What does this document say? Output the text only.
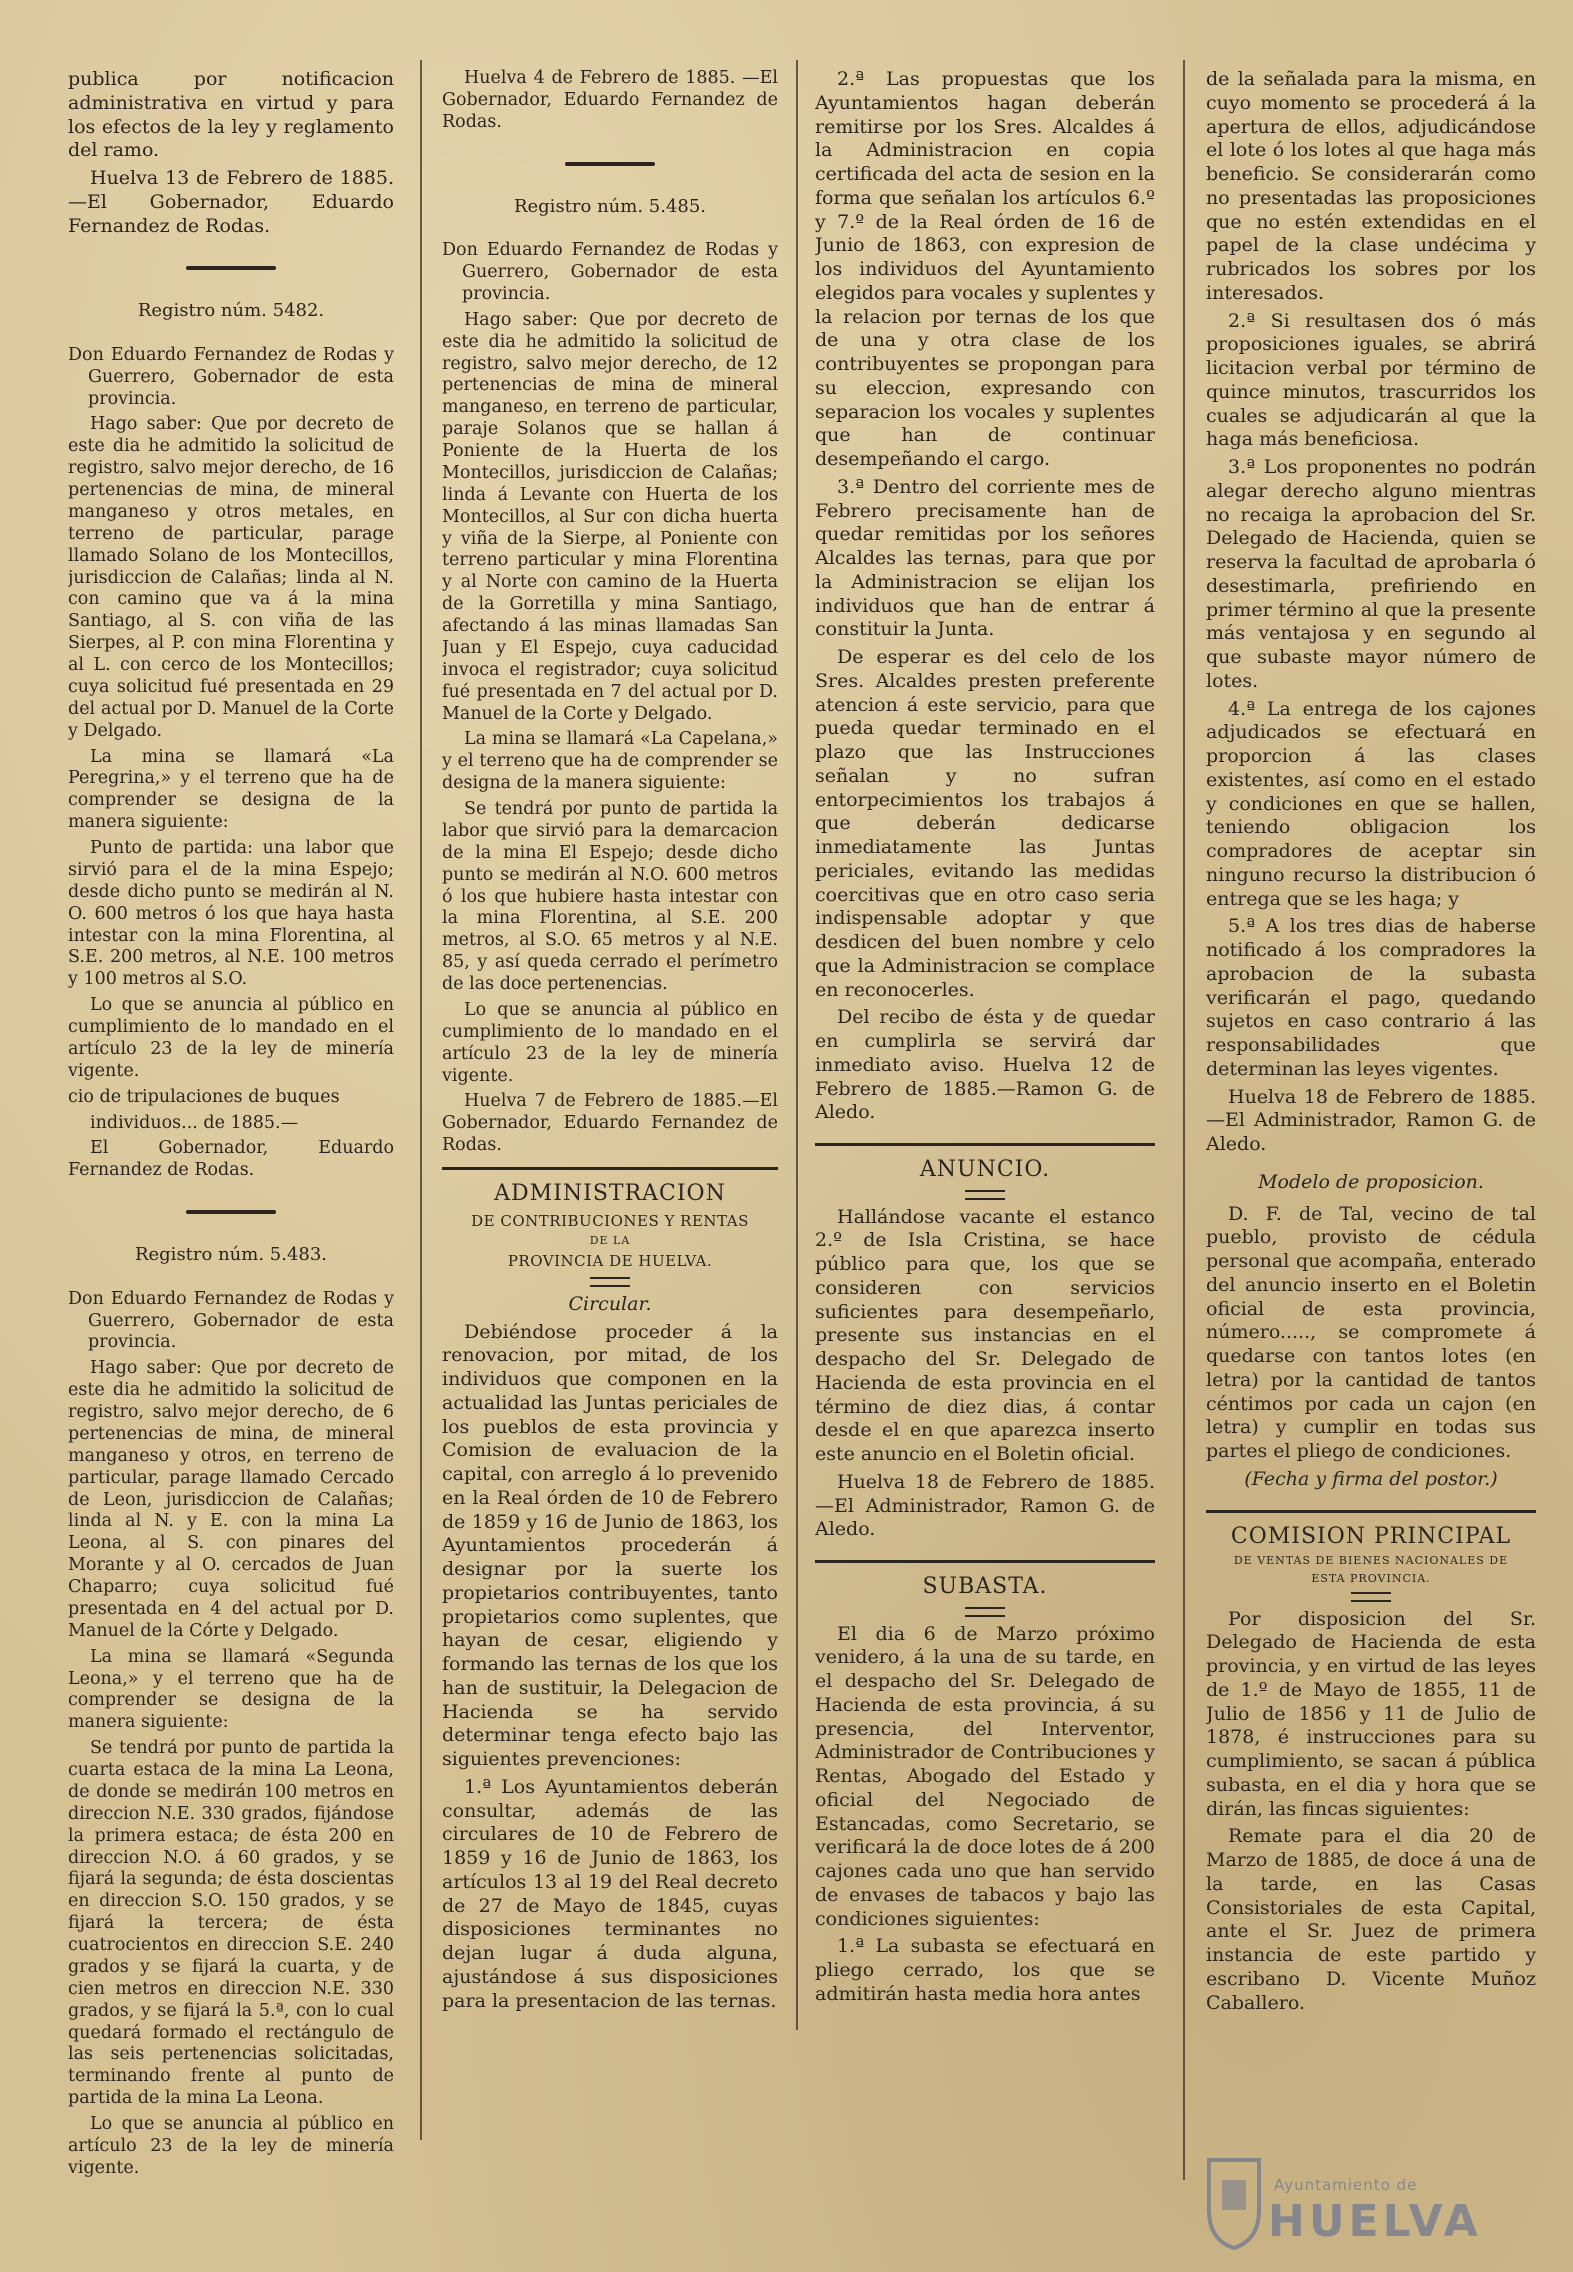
publica por notificacion administrativa en virtud y para los efectos de la ley y reglamento del ramo.

Huelva 13 de Febrero de 1885. —El Gobernador, Eduardo Fernandez de Rodas.

Registro núm. 5482.

Don Eduardo Fernandez de Rodas y Guerrero, Gobernador de esta provincia.

Hago saber: Que por decreto de este dia he admitido la solicitud de registro, salvo mejor derecho, de 16 pertenencias de mina, de mineral manganeso y otros metales, en terreno de particular, parage llamado Solano de los Montecillos, jurisdiccion de Calañas; linda al N. con camino que va á la mina Santiago, al S. con viña de las Sierpes, al P. con mina Florentina y al L. con cerco de los Montecillos; cuya solicitud fué presentada en 29 del actual por D. Manuel de la Corte y Delgado.

La mina se llamará «La Peregrina,» y el terreno que ha de comprender se designa de la manera siguiente:

Punto de partida: una labor que sirvió para el de la mina Espejo; desde dicho punto se medirán al N. O. 600 metros ó los que haya hasta intestar con la mina Florentina, al S.E. 200 metros, al N.E. 100 metros y 100 metros al S.O.

Lo que se anuncia al público en cumplimiento de lo mandado en el artículo 23 de la ley de minería vigente.

cio de tripulaciones de buques

individuos... de 1885.—

El Gobernador, Eduardo Fernandez de Rodas.

Registro núm. 5.483.

Don Eduardo Fernandez de Rodas y Guerrero, Gobernador de esta provincia.

Hago saber: Que por decreto de este dia he admitido la solicitud de registro, salvo mejor derecho, de 6 pertenencias de mina, de mineral manganeso y otros, en terreno de particular, parage llamado Cercado de Leon, jurisdiccion de Calañas; linda al N. y E. con la mina La Leona, al S. con pinares del Morante y al O. cercados de Juan Chaparro; cuya solicitud fué presentada en 4 del actual por D. Manuel de la Córte y Delgado.

La mina se llamará «Segunda Leona,» y el terreno que ha de comprender se designa de la manera siguiente:

Se tendrá por punto de partida la cuarta estaca de la mina La Leona, de donde se medirán 100 metros en direccion N.E. 330 grados, fijándose la primera estaca; de ésta 200 en direccion N.O. á 60 grados, y se fijará la segunda; de ésta doscientas en direccion S.O. 150 grados, y se fijará la tercera; de ésta cuatrocientos en direccion S.E. 240 grados y se fijará la cuarta, y de cien metros en direccion N.E. 330 grados, y se fijará la 5.ª, con lo cual quedará formado el rectángulo de las seis pertenencias solicitadas, terminando frente al punto de partida de la mina La Leona.

Lo que se anuncia al público en artículo 23 de la ley de minería vigente.

Huelva 4 de Febrero de 1885. —El Gobernador, Eduardo Fernandez de Rodas.

Registro núm. 5.485.

Don Eduardo Fernandez de Rodas y Guerrero, Gobernador de esta provincia.

Hago saber: Que por decreto de este dia he admitido la solicitud de registro, salvo mejor derecho, de 12 pertenencias de mina de mineral manganeso, en terreno de particular, paraje Solanos que se hallan á Poniente de la Huerta de los Montecillos, jurisdiccion de Calañas; linda á Levante con Huerta de los Montecillos, al Sur con dicha huerta y viña de la Sierpe, al Poniente con terreno particular y mina Florentina y al Norte con camino de la Huerta de la Gorretilla y mina Santiago, afectando á las minas llamadas San Juan y El Espejo, cuya caducidad invoca el registrador; cuya solicitud fué presentada en 7 del actual por D. Manuel de la Corte y Delgado.

La mina se llamará «La Capelana,» y el terreno que ha de comprender se designa de la manera siguiente:

Se tendrá por punto de partida la labor que sirvió para la demarcacion de la mina El Espejo; desde dicho punto se medirán al N.O. 600 metros ó los que hubiere hasta intestar con la mina Florentina, al S.E. 200 metros, al S.O. 65 metros y al N.E. 85, y así queda cerrado el perímetro de las doce pertenencias.

Lo que se anuncia al público en cumplimiento de lo mandado en el artículo 23 de la ley de minería vigente.

Huelva 7 de Febrero de 1885.—El Gobernador, Eduardo Fernandez de Rodas.

ADMINISTRACION

DE CONTRIBUCIONES Y RENTAS

DE LA

PROVINCIA DE HUELVA.

Circular.

Debiéndose proceder á la renovacion, por mitad, de los individuos que componen en la actualidad las Juntas periciales de los pueblos de esta provincia y Comision de evaluacion de la capital, con arreglo á lo prevenido en la Real órden de 10 de Febrero de 1859 y 16 de Junio de 1863, los Ayuntamientos procederán á designar por la suerte los propietarios contribuyentes, tanto propietarios como suplentes, que hayan de cesar, eligiendo y formando las ternas de los que los han de sustituir, la Delegacion de Hacienda se ha servido determinar tenga efecto bajo las siguientes prevenciones:

1.ª Los Ayuntamientos deberán consultar, además de las circulares de 10 de Febrero de 1859 y 16 de Junio de 1863, los artículos 13 al 19 del Real decreto de 27 de Mayo de 1845, cuyas disposiciones terminantes no dejan lugar á duda alguna, ajustándose á sus disposiciones para la presentacion de las ternas.

2.ª Las propuestas que los Ayuntamientos hagan deberán remitirse por los Sres. Alcaldes á la Administracion en copia certificada del acta de sesion en la forma que señalan los artículos 6.º y 7.º de la Real órden de 16 de Junio de 1863, con expresion de los individuos del Ayuntamiento elegidos para vocales y suplentes y la relacion por ternas de los que de una y otra clase de los contribuyentes se propongan para su eleccion, expresando con separacion los vocales y suplentes que han de continuar desempeñando el cargo.

3.ª Dentro del corriente mes de Febrero precisamente han de quedar remitidas por los señores Alcaldes las ternas, para que por la Administracion se elijan los individuos que han de entrar á constituir la Junta.

De esperar es del celo de los Sres. Alcaldes presten preferente atencion á este servicio, para que pueda quedar terminado en el plazo que las Instrucciones señalan y no sufran entorpecimientos los trabajos á que deberán dedicarse inmediatamente las Juntas periciales, evitando las medidas coercitivas que en otro caso seria indispensable adoptar y que desdicen del buen nombre y celo que la Administracion se complace en reconocerles.

Del recibo de ésta y de quedar en cumplirla se servirá dar inmediato aviso. Huelva 12 de Febrero de 1885.—Ramon G. de Aledo.

ANUNCIO.

Hallándose vacante el estanco 2.º de Isla Cristina, se hace público para que, los que se consideren con servicios suficientes para desempeñarlo, presente sus instancias en el despacho del Sr. Delegado de Hacienda de esta provincia en el término de diez dias, á contar desde el en que aparezca inserto este anuncio en el Boletin oficial.

Huelva 18 de Febrero de 1885. —El Administrador, Ramon G. de Aledo.

SUBASTA.

El dia 6 de Marzo próximo venidero, á la una de su tarde, en el despacho del Sr. Delegado de Hacienda de esta provincia, á su presencia, del Interventor, Administrador de Contribuciones y Rentas, Abogado del Estado y oficial del Negociado de Estancadas, como Secretario, se verificará la de doce lotes de á 200 cajones cada uno que han servido de envases de tabacos y bajo las condiciones siguientes:

1.ª La subasta se efectuará en pliego cerrado, los que se admitirán hasta media hora antes

de la señalada para la misma, en cuyo momento se procederá á la apertura de ellos, adjudicándose el lote ó los lotes al que haga más beneficio. Se considerarán como no presentadas las proposiciones que no estén extendidas en el papel de la clase undécima y rubricados los sobres por los interesados.

2.ª Si resultasen dos ó más proposiciones iguales, se abrirá licitacion verbal por término de quince minutos, trascurridos los cuales se adjudicarán al que la haga más beneficiosa.

3.ª Los proponentes no podrán alegar derecho alguno mientras no recaiga la aprobacion del Sr. Delegado de Hacienda, quien se reserva la facultad de aprobarla ó desestimarla, prefiriendo en primer término al que la presente más ventajosa y en segundo al que subaste mayor número de lotes.

4.ª La entrega de los cajones adjudicados se efectuará en proporcion á las clases existentes, así como en el estado y condiciones en que se hallen, teniendo obligacion los compradores de aceptar sin ninguno recurso la distribucion ó entrega que se les haga; y

5.ª A los tres dias de haberse notificado á los compradores la aprobacion de la subasta verificarán el pago, quedando sujetos en caso contrario á las responsabilidades que determinan las leyes vigentes.

Huelva 18 de Febrero de 1885. —El Administrador, Ramon G. de Aledo.

Modelo de proposicion.

D. F. de Tal, vecino de tal pueblo, provisto de cédula personal que acompaña, enterado del anuncio inserto en el Boletin oficial de esta provincia, número....., se compromete á quedarse con tantos lotes (en letra) por la cantidad de tantos céntimos por cada un cajon (en letra) y cumplir en todas sus partes el pliego de condiciones.

(Fecha y firma del postor.)

COMISION PRINCIPAL

DE VENTAS DE BIENES NACIONALES DE

ESTA PROVINCIA.

Por disposicion del Sr. Delegado de Hacienda de esta provincia, y en virtud de las leyes de 1.º de Mayo de 1855, 11 de Julio de 1856 y 11 de Julio de 1878, é instrucciones para su cumplimiento, se sacan á pública subasta, en el dia y hora que se dirán, las fincas siguientes:

Remate para el dia 20 de Marzo de 1885, de doce á una de la tarde, en las Casas Consistoriales de esta Capital, ante el Sr. Juez de primera instancia de este partido y escribano D. Vicente Muñoz Caballero.

Ayuntamiento de
HUELVA
